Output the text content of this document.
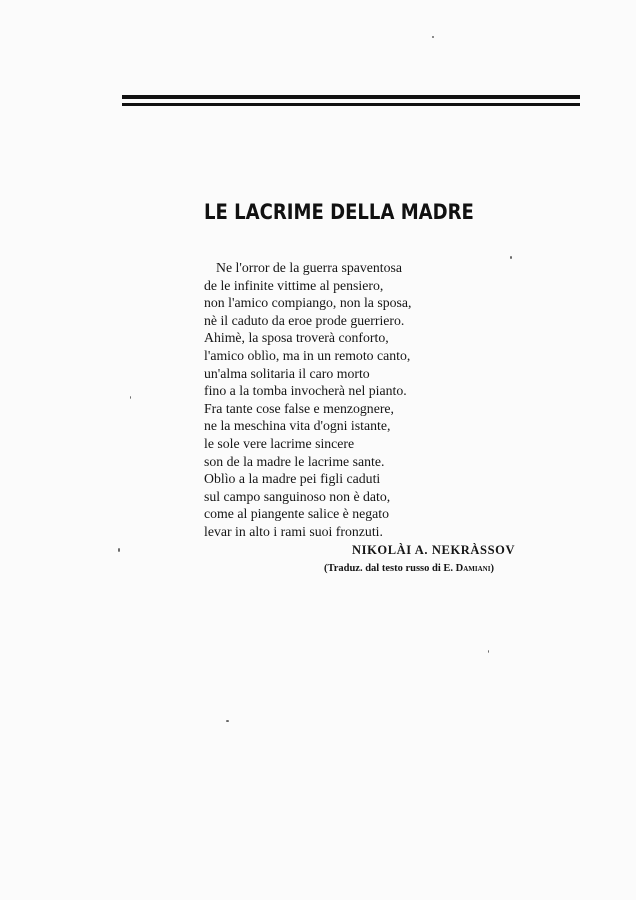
LE LACRIME DELLA MADRE
Ne l'orror de la guerra spaventosa
de le infinite vittime al pensiero,
non l'amico compiango, non la sposa,
nè il caduto da eroe prode guerriero.
Ahimè, la sposa troverà conforto,
l'amico oblìo, ma in un remoto canto,
un'alma solitaria il caro morto
fino a la tomba invocherà nel pianto.
Fra tante cose false e menzognere,
ne la meschina vita d'ogni istante,
le sole vere lacrime sincere
son de la madre le lacrime sante.
Oblìo a la madre pei figli caduti
sul campo sanguinoso non è dato,
come al piangente salice è negato
levar in alto i rami suoi fronzuti.
NIKOLÀI A. NEKRÀSSOV
(Traduz. dal testo russo di E. Damiani)
